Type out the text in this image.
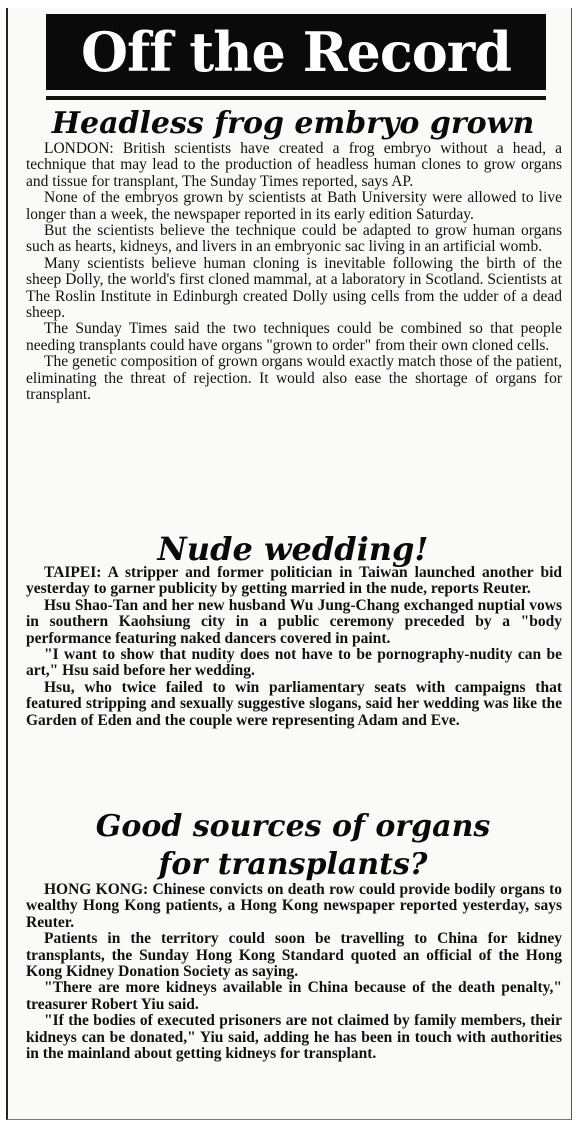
Off the Record
Headless frog embryo grown

LONDON: British scientists have created a frog embryo without a head, a technique that may lead to the production of headless human clones to grow organs and tissue for transplant, The Sunday Times reported, says AP.

None of the embryos grown by scientists at Bath University were allowed to live longer than a week, the newspaper reported in its early edition Saturday.

But the scientists believe the technique could be adapted to grow human organs such as hearts, kidneys, and livers in an embryonic sac living in an artificial womb.

Many scientists believe human cloning is inevitable following the birth of the sheep Dolly, the world's first cloned mammal, at a laboratory in Scotland. Scientists at The Roslin Institute in Edinburgh created Dolly using cells from the udder of a dead sheep.

The Sunday Times said the two techniques could be combined so that people needing transplants could have organs "grown to order" from their own cloned cells.

The genetic composition of grown organs would exactly match those of the patient, eliminating the threat of rejection. It would also ease the shortage of organs for transplant.

Nude wedding!

TAIPEI: A stripper and former politician in Taiwan launched another bid yesterday to garner publicity by getting married in the nude, reports Reuter.

Hsu Shao-Tan and her new husband Wu Jung-Chang exchanged nuptial vows in southern Kaohsiung city in a public ceremony preceded by a "body performance featuring naked dancers covered in paint.

"I want to show that nudity does not have to be pornography-nudity can be art," Hsu said before her wedding.

Hsu, who twice failed to win parliamentary seats with campaigns that featured stripping and sexually suggestive slogans, said her wedding was like the Garden of Eden and the couple were representing Adam and Eve.

Good sources of organs
for transplants?

HONG KONG: Chinese convicts on death row could provide bodily organs to wealthy Hong Kong patients, a Hong Kong newspaper reported yesterday, says Reuter.

Patients in the territory could soon be travelling to China for kidney transplants, the Sunday Hong Kong Standard quoted an official of the Hong Kong Kidney Donation Society as saying.

"There are more kidneys available in China because of the death penalty," treasurer Robert Yiu said.

"If the bodies of executed prisoners are not claimed by family members, their kidneys can be donated," Yiu said, adding he has been in touch with authorities in the mainland about getting kidneys for transplant.
